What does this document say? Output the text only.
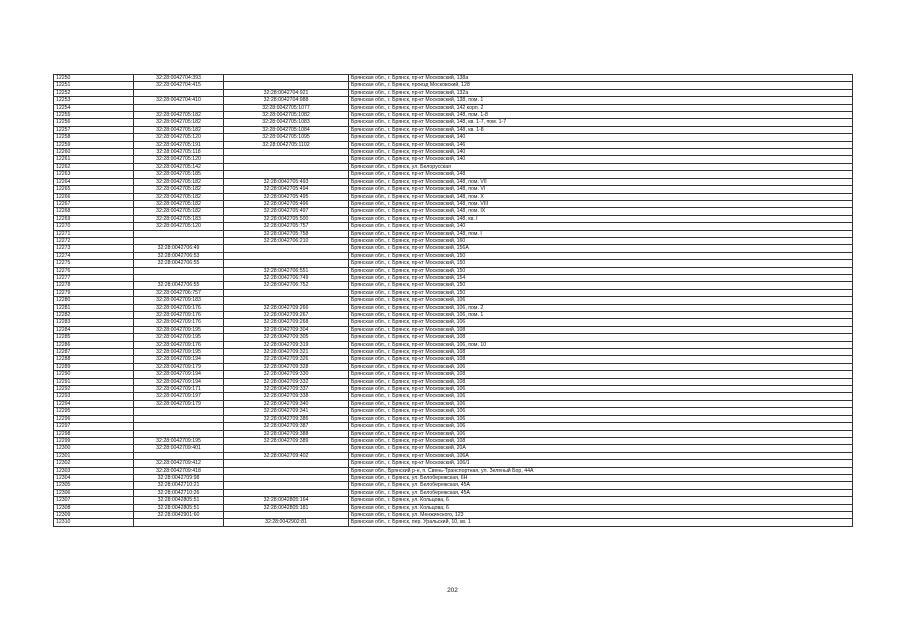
12250	32:28:0042704:393		Брянская обл., г. Брянск, пр-кт Московский, 138а
12251	32:28:0042704:415		Брянская обл., г. Брянск, проезд Московский, 128
12252		32:28:0042704:921	Брянская обл., г. Брянск, пр-кт Московский, 132а
12253	32:28:0042704:410	32:28:0042704:988	Брянская обл., г. Брянск, пр-кт Московский, 138, пом. 1
12254		32:28:0042705:1077	Брянская обл., г. Брянск, пр-кт Московский, 142 корп. 2
12255	32:28:0042705:182	32:28:0042705:1082	Брянская обл., г. Брянск, пр-кт Московский, 148, пом. 1-8
12256	32:28:0042705:182	32:28:0042705:1083	Брянская обл., г. Брянск, пр-кт Московский, 148, кв. 1-7, пом. 1-7
12257	32:28:0042705:182	32:28:0042705:1084	Брянская обл., г. Брянск, пр-кт Московский, 148, кв. 1-8
12258	32:28:0042705:120	32:28:0042705:1095	Брянская обл., г. Брянск, пр-кт Московский, 140
12259	32:28:0042705:191	32:28:0042705:1102	Брянская обл., г. Брянск, пр-кт Московский, 146
12260	32:28:0042705:118		Брянская обл., г. Брянск, пр-кт Московский, 140
12261	32:28:0042705:120		Брянская обл., г. Брянск, пр-кт Московский, 140
12262	32:28:0042705:142		Брянская обл., г. Брянск, ул. Белорусская
12263	32:28:0042705:185		Брянская обл., г. Брянск, пр-кт Московский, 148
12264	32:28:0042705:182	32:28:0042705:493	Брянская обл., г. Брянск, пр-кт Московский, 148, пом. VII
12265	32:28:0042705:182	32:28:0042705:494	Брянская обл., г. Брянск, пр-кт Московский, 148, пом. VI
12266	32:28:0042705:182	32:28:0042705:495	Брянская обл., г. Брянск, пр-кт Московский, 148, пом. X
12267	32:28:0042705:182	32:28:0042705:496	Брянская обл., г. Брянск, пр-кт Московский, 148, пом. VIII
12268	32:28:0042705:182	32:28:0042705:497	Брянская обл., г. Брянск, пр-кт Московский, 148, пом. IX
12269	32:28:0042705:183	32:28:0042705:500	Брянская обл., г. Брянск, пр-кт Московский, 148, кв. I
12270	32:28:0042705:120	32:28:0042705:757	Брянская обл., г. Брянск, пр-кт Московский, 140
12271		32:28:0042705:758	Брянская обл., г. Брянск, пр-кт Московский, 148, пом. I
12272		32:28:0042706:210	Брянская обл., г. Брянск, пр-кт Московский, 160
12273	32:28:0042706:49		Брянская обл., г. Брянск, пр-кт Московский, 156А
12274	32:28:0042706:53		Брянская обл., г. Брянск, пр-кт Московский, 150
12275	32:28:0042706:55		Брянская обл., г. Брянск, пр-кт Московский, 150
12276		32:28:0042706:551	Брянская обл., г. Брянск, пр-кт Московский, 150
12277		32:28:0042706:749	Брянская обл., г. Брянск, пр-кт Московский, 154
12278	32:28:0042706:55	32:28:0042706:752	Брянская обл., г. Брянск, пр-кт Московский, 150
12279	32:28:0042706:757		Брянская обл., г. Брянск, пр-кт Московский, 150
12280	32:28:0042709:183		Брянская обл., г. Брянск, пр-кт Московский, 106
12281	32:28:0042709:176	32:28:0042709:266	Брянская обл., г. Брянск, пр-кт Московский, 106, пом. 2
12282	32:28:0042709:176	32:28:0042709:267	Брянская обл., г. Брянск, пр-кт Московский, 106, пом. 1
12283	32:28:0042709:176	32:28:0042709:268	Брянская обл., г. Брянск, пр-кт Московский, 106
12284	32:28:0042709:195	32:28:0042709:304	Брянская обл., г. Брянск, пр-кт Московский, 108
12285	32:28:0042709:195	32:28:0042709:305	Брянская обл., г. Брянск, пр-кт Московский, 108
12286	32:28:0042709:176	32:28:0042709:319	Брянская обл., г. Брянск, пр-кт Московский, 106, пом. 10
12287	32:28:0042709:195	32:28:0042709:321	Брянская обл., г. Брянск, пр-кт Московский, 108
12288	32:28:0042709:194	32:28:0042709:326	Брянская обл., г. Брянск, пр-кт Московский, 108
12289	32:28:0042709:179	32:28:0042709:328	Брянская обл., г. Брянск, пр-кт Московский, 106
12290	32:28:0042709:194	32:28:0042709:330	Брянская обл., г. Брянск, пр-кт Московский, 108
12291	32:28:0042709:194	32:28:0042709:332	Брянская обл., г. Брянск, пр-кт Московский, 108
12292	32:28:0042709:171	32:28:0042709:337	Брянская обл., г. Брянск, пр-кт Московский, 106
12293	32:28:0042709:197	32:28:0042709:338	Брянская обл., г. Брянск, пр-кт Московский, 106
12294	32:28:0042709:179	32:28:0042709:340	Брянская обл., г. Брянск, пр-кт Московский, 106
12295		32:28:0042709:341	Брянская обл., г. Брянск, пр-кт Московский, 106
12296		32:28:0042709:386	Брянская обл., г. Брянск, пр-кт Московский, 106
12297		32:28:0042709:387	Брянская обл., г. Брянск, пр-кт Московский, 106
12298		32:28:0042709:388	Брянская обл., г. Брянск, пр-кт Московский, 106
12299	32:28:0042709:195	32:28:0042709:389	Брянская обл., г. Брянск, пр-кт Московский, 108
12300	32:28:0042709:401		Брянская обл., г. Брянск, пр-кт Московский, 20А
12301		32:28:0042709:402	Брянская обл., г. Брянск, пр-кт Московский, 106А
12302	32:28:0042709:412		Брянская обл., г. Брянск, пр-кт Московский, 106/1
12303	32:28:0042709:418		Брянская обл., Брянский р-н, п. Свень-Транспортная, ул. Зеленый Бор, 44А
12304	32:28:0042709:98		Брянская обл., г. Брянск, ул. Белобережская, 6Н
12305	32:28:0042710:21		Брянская обл., г. Брянск, ул. Белобережская, 45А
12306	32:28:0042710:26		Брянская обл., г. Брянск, ул. Белобережская, 45А
12307	32:28:0042805:51	32:28:0042805:164	Брянская обл., г. Брянск, ул. Кольцова, 6
12308	32:28:0042805:51	32:28:0042805:181	Брянская обл., г. Брянск, ул. Кольцова, 6
12309	32:28:0042901:60		Брянская обл., г. Брянск, ул. Менжинского, 123
12310		32:28:0042902:81	Брянская обл., г. Брянск, пер. Уральский, 10, кв. 1
202
